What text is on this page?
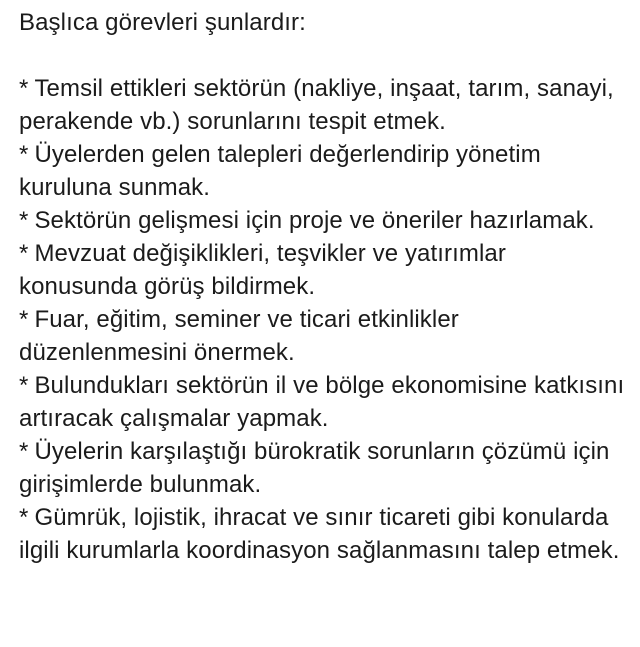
Başlıca görevleri şunlardır:

* Temsil ettikleri sektörün (nakliye, inşaat, tarım, sanayi, perakende vb.) sorunlarını tespit etmek.
* Üyelerden gelen talepleri değerlendirip yönetim kuruluna sunmak.
* Sektörün gelişmesi için proje ve öneriler hazırlamak.
* Mevzuat değişiklikleri, teşvikler ve yatırımlar konusunda görüş bildirmek.
* Fuar, eğitim, seminer ve ticari etkinlikler düzenlenmesini önermek.
* Bulundukları sektörün il ve bölge ekonomisine katkısını artıracak çalışmalar yapmak.
* Üyelerin karşılaştığı bürokratik sorunların çözümü için girişimlerde bulunmak.
* Gümrük, lojistik, ihracat ve sınır ticareti gibi konularda ilgili kurumlarla koordinasyon sağlanmasını talep etmek.
